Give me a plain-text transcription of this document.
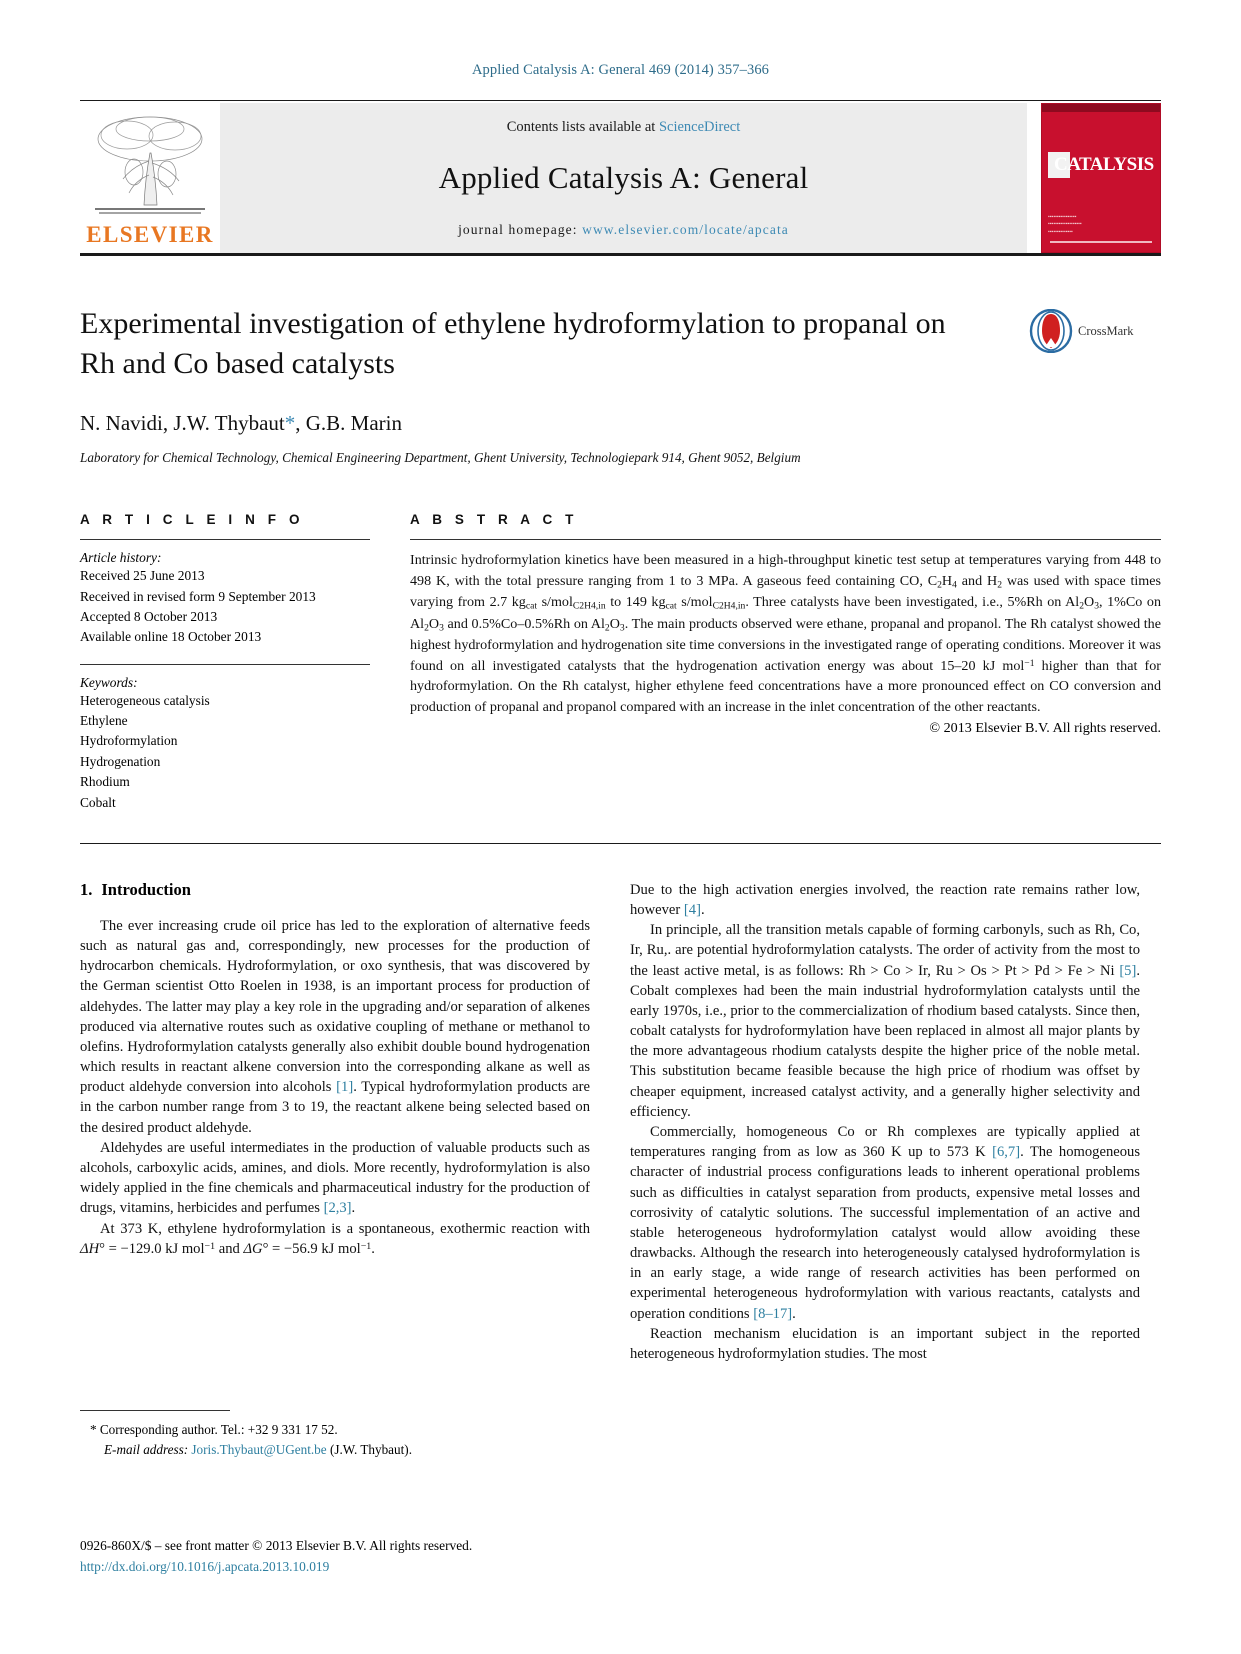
Applied Catalysis A: General 469 (2014) 357–366
ELSEVIER
Contents lists available at ScienceDirect
Applied Catalysis A: General
journal homepage: www.elsevier.com/locate/apcata
CATALYSIS
▪▪▪▪▪▪▪▪▪▪▪▪▪▪▪▪
▪▪▪▪▪▪▪▪▪▪▪▪▪▪▪▪▪▪▪
▪▪▪▪▪▪▪▪▪▪▪▪▪▪
Experimental investigation of ethylene hydroformylation to propanal on Rh and Co based catalysts
CrossMark
N. Navidi, J.W. Thybaut*, G.B. Marin
Laboratory for Chemical Technology, Chemical Engineering Department, Ghent University, Technologiepark 914, Ghent 9052, Belgium
A R T I C L E I N F O
Article history:
Received 25 June 2013
Received in revised form 9 September 2013
Accepted 8 October 2013
Available online 18 October 2013
Keywords:
Heterogeneous catalysis
Ethylene
Hydroformylation
Hydrogenation
Rhodium
Cobalt
A B S T R A C T
Intrinsic hydroformylation kinetics have been measured in a high-throughput kinetic test setup at temperatures varying from 448 to 498 K, with the total pressure ranging from 1 to 3 MPa. A gaseous feed containing CO, $C_2H_4$ and $H_2$ was used with space times varying from 2.7 $kg_{cat}$ s/mol$_{C2H4,in}$ to 149 $kg_{cat}$ s/mol$_{C2H4,in}$. Three catalysts have been investigated, i.e., 5%Rh on $Al_2O_3$, 1%Co on $Al_2O_3$ and 0.5%Co–0.5%Rh on $Al_2O_3$. The main products observed were ethane, propanal and propanol. The Rh catalyst showed the highest hydroformylation and hydrogenation site time conversions in the investigated range of operating conditions. Moreover it was found on all investigated catalysts that the hydrogenation activation energy was about 15–20 kJ mol$^{-1}$ higher than that for hydroformylation. On the Rh catalyst, higher ethylene feed concentrations have a more pronounced effect on CO conversion and production of propanal and propanol compared with an increase in the inlet concentration of the other reactants.
© 2013 Elsevier B.V. All rights reserved.
1. Introduction

The ever increasing crude oil price has led to the exploration of alternative feeds such as natural gas and, correspondingly, new processes for the production of hydrocarbon chemicals. Hydroformylation, or oxo synthesis, that was discovered by the German scientist Otto Roelen in 1938, is an important process for production of aldehydes. The latter may play a key role in the upgrading and/or separation of alkenes produced via alternative routes such as oxidative coupling of methane or methanol to olefins. Hydroformylation catalysts generally also exhibit double bound hydrogenation which results in reactant alkene conversion into the corresponding alkane as well as product aldehyde conversion into alcohols [1]. Typical hydroformylation products are in the carbon number range from 3 to 19, the reactant alkene being selected based on the desired product aldehyde.

Aldehydes are useful intermediates in the production of valuable products such as alcohols, carboxylic acids, amines, and diols. More recently, hydroformylation is also widely applied in the fine chemicals and pharmaceutical industry for the production of drugs, vitamins, herbicides and perfumes [2,3].

At 373 K, ethylene hydroformylation is a spontaneous, exothermic reaction with ΔH° = −129.0 kJ mol$^{-1}$ and ΔG° = −56.9 kJ mol$^{-1}$.

* Corresponding author. Tel.: +32 9 331 17 52.
E-mail address: Joris.Thybaut@UGent.be (J.W. Thybaut).

Due to the high activation energies involved, the reaction rate remains rather low, however [4].

In principle, all the transition metals capable of forming carbonyls, such as Rh, Co, Ir, Ru,. are potential hydroformylation catalysts. The order of activity from the most to the least active metal, is as follows: Rh > Co > Ir, Ru > Os > Pt > Pd > Fe > Ni [5]. Cobalt complexes had been the main industrial hydroformylation catalysts until the early 1970s, i.e., prior to the commercialization of rhodium based catalysts. Since then, cobalt catalysts for hydroformylation have been replaced in almost all major plants by the more advantageous rhodium catalysts despite the higher price of the noble metal. This substitution became feasible because the high price of rhodium was offset by cheaper equipment, increased catalyst activity, and a generally higher selectivity and efficiency.

Commercially, homogeneous Co or Rh complexes are typically applied at temperatures ranging from as low as 360 K up to 573 K [6,7]. The homogeneous character of industrial process configurations leads to inherent operational problems such as difficulties in catalyst separation from products, expensive metal losses and corrosivity of catalytic solutions. The successful implementation of an active and stable heterogeneous hydroformylation catalyst would allow avoiding these drawbacks. Although the research into heterogeneously catalysed hydroformylation is in an early stage, a wide range of research activities has been performed on experimental heterogeneous hydroformylation with various reactants, catalysts and operation conditions [8–17].

Reaction mechanism elucidation is an important subject in the reported heterogeneous hydroformylation studies. The most

0926-860X/$ – see front matter © 2013 Elsevier B.V. All rights reserved.
http://dx.doi.org/10.1016/j.apcata.2013.10.019
